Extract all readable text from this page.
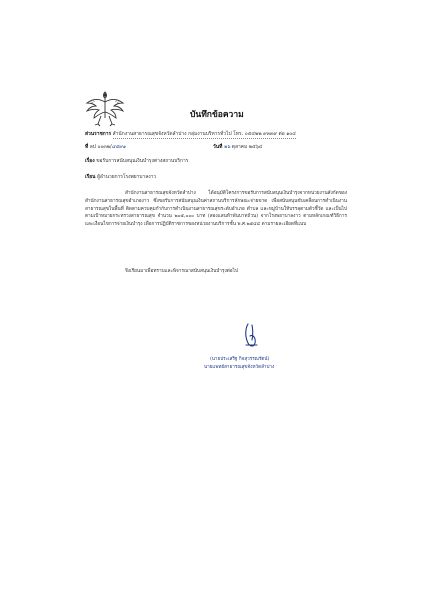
บันทึกข้อความ
ส่วนราชการ สำนักงานสาธารณสุขจังหวัดลำปาง กลุ่มงานบริหารทั่วไป โทร. ๐๕๔๒๒ ๙๓๓๙ ต่อ ๑๐๔
ที่ ลป ๐๐๓๒/๔๕๙๑	วันที่ ๒๖ ตุลาคม ๒๕๖๔
เรื่อง ขอรับการสนับสนุนเงินบำรุงต่างสถานบริการ
เรียน ผู้อำนวยการโรงพยาบาลงาว
สำนักงานสาธารณสุขจังหวัดลำปาง ได้อนุมัติโครงการขอรับการสนับสนุนเงินบำรุงจากหน่วยงานสังกัดของสำนักงานสาธารณสุขอำเภองาว ซึ่งขอรับการสนับสนุนเงินค่าสถานบริการลักษณะจ่ายขาด เพื่อสนับสนุนขับเคลื่อนการดำเนินงานสาธารณสุขในพื้นที่ ติดตามควบคุมกำกับการดำเนินงานสาธารณสุขระดับอำเภอ ตำบล และหมู่บ้านให้บรรลุตามตัวชี้วัด และเป็นไปตามเป้าหมายกระทรวงสาธารณสุข จำนวน ๒๐๕,๐๐๐ บาท (สองแสนห้าพันบาทถ้วน) จากโรงพยาบาลงาว ตามหลักเกณฑ์วิธีการและเงื่อนไขการจ่ายเงินบำรุง เพื่อการปฏิบัติราชการของหน่วยงานบริการชั้น พ.ศ.๒๕๔๔ ตามรายละเอียดที่แนบ
จึงเรียนมาเพื่อทราบและพิจารณาสนับสนุนเงินบำรุงต่อไป
(นายประเสริฐ กิจสุวรรณรัตน์)
นายแพทย์สาธารณสุขจังหวัดลำปาง
